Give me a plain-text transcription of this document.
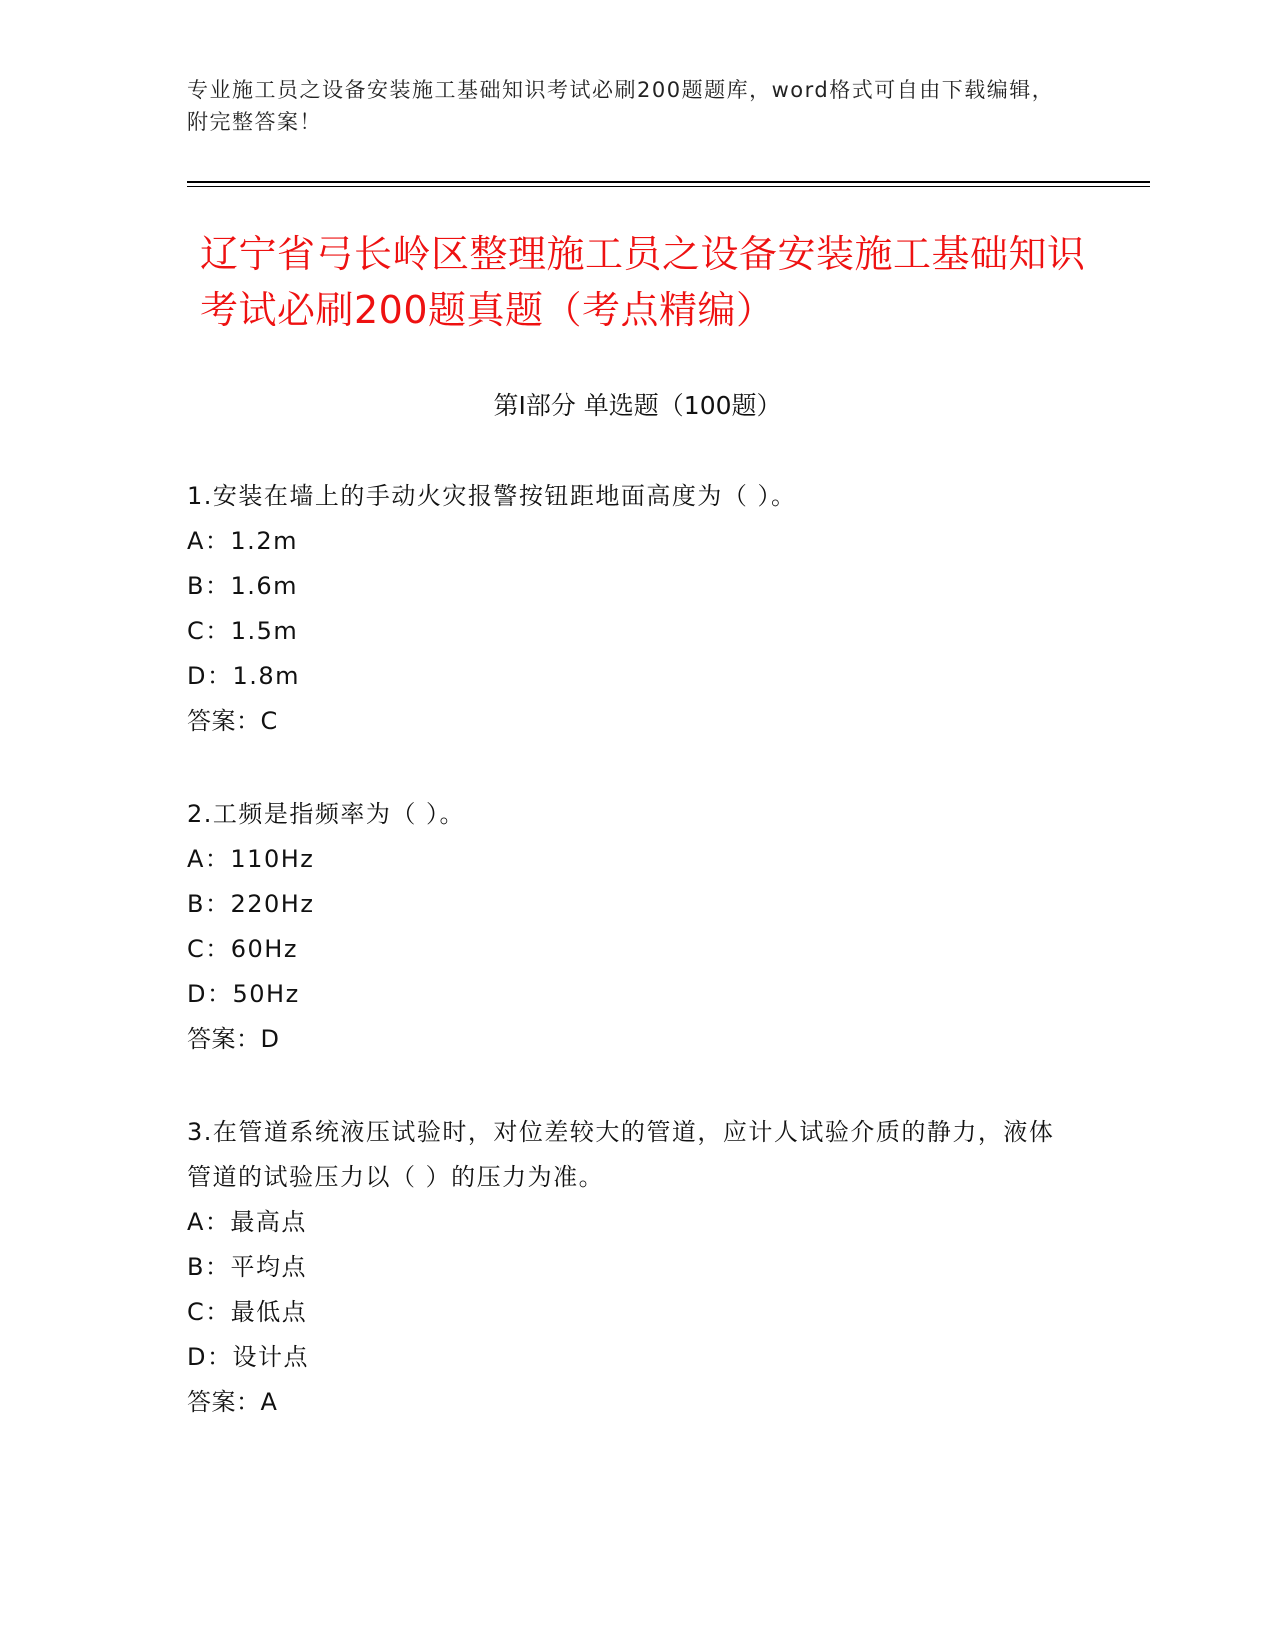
专业施工员之设备安装施工基础知识考试必刷200题题库，word格式可自由下载编辑，附完整答案！
辽宁省弓长岭区整理施工员之设备安装施工基础知识考试必刷200题真题（考点精编）
第Ⅰ部分 单选题（100题）
1.安装在墙上的手动火灾报警按钮距地面高度为（ ）。
A：1.2m
B：1.6m
C：1.5m
D：1.8m
答案：C
2.工频是指频率为（ ）。
A：110Hz
B：220Hz
C：60Hz
D：50Hz
答案：D
3.在管道系统液压试验时，对位差较大的管道，应计人试验介质的静力，液体管道的试验压力以（ ）的压力为准。
A：最高点
B：平均点
C：最低点
D：设计点
答案：A
